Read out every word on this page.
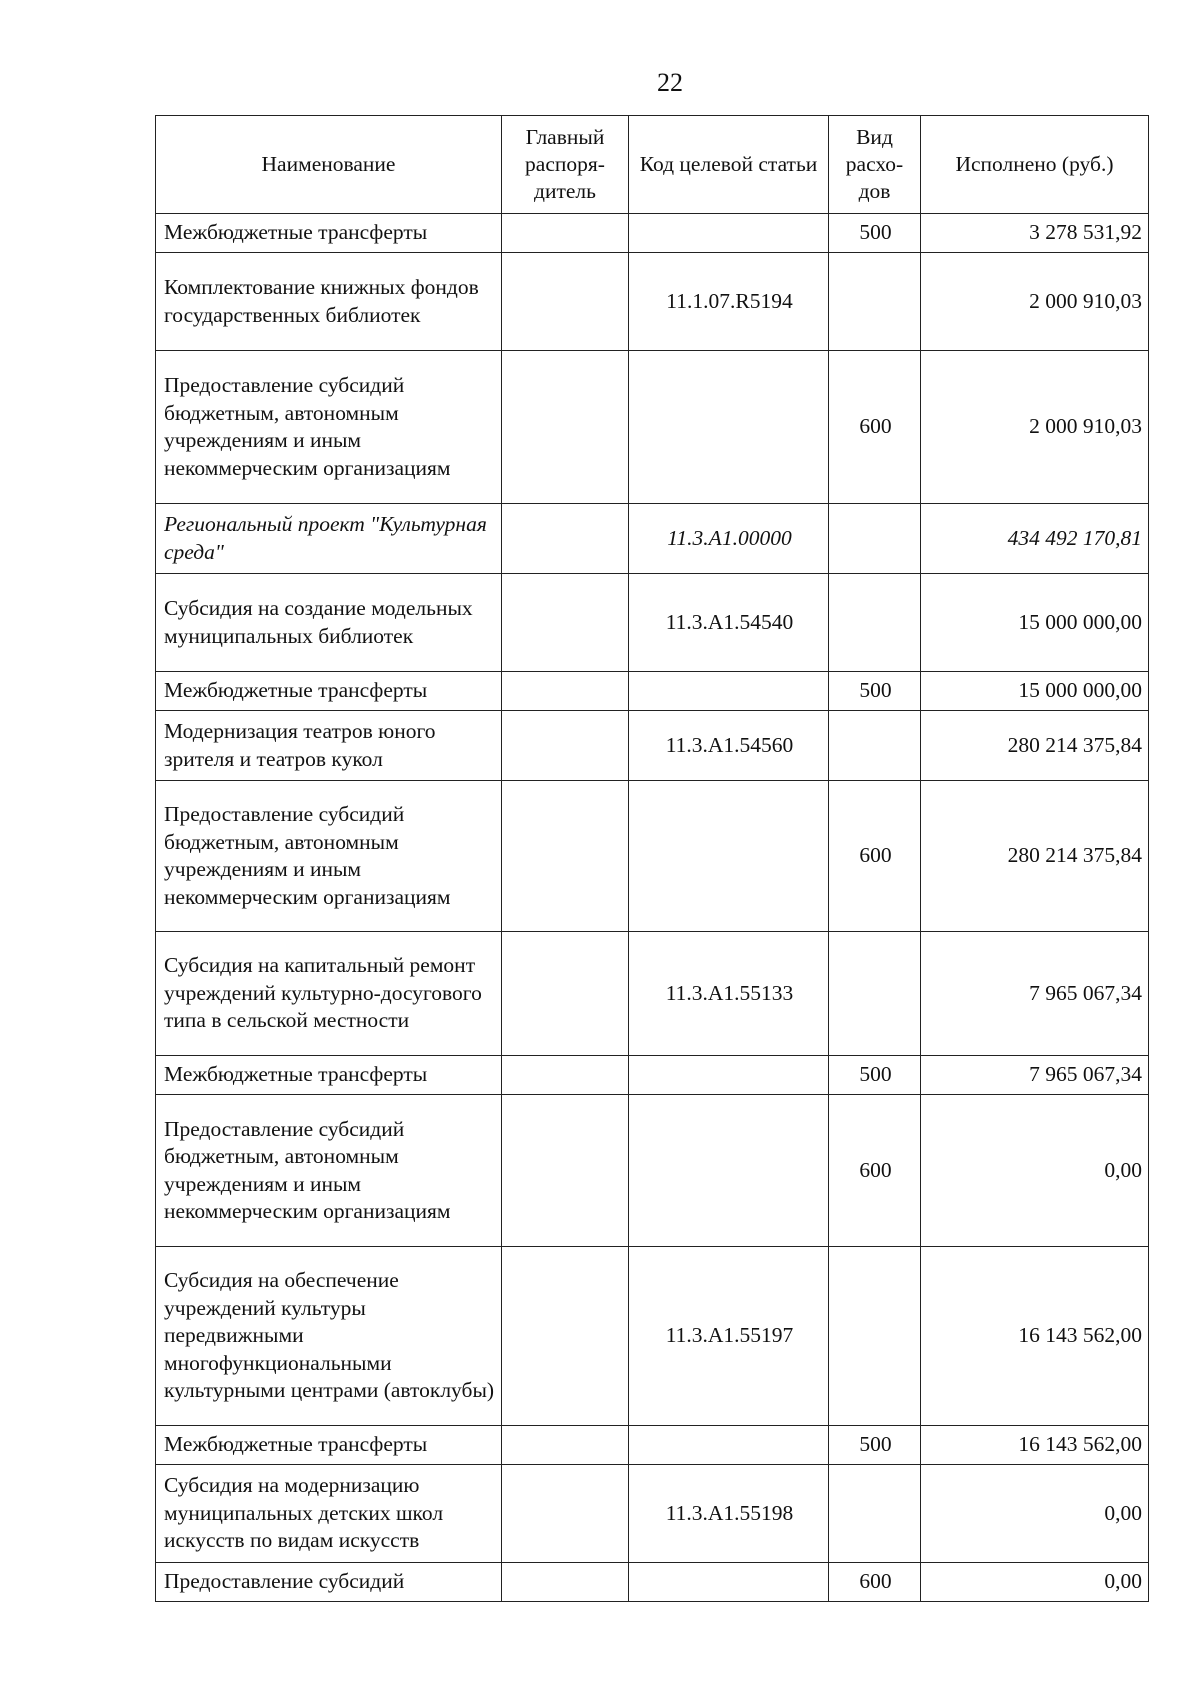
22
Наименование	Главный распоря- дитель	Код целевой статьи	Вид расхо- дов	Исполнено (руб.)
Межбюджетные трансферты			500	3 278 531,92
Комплектование книжных фондов государственных библиотек		11.1.07.R5194		2 000 910,03
Предоставление субсидий бюджетным, автономным учреждениям и иным некоммерческим организациям			600	2 000 910,03
Региональный проект "Культурная среда"		11.3.А1.00000		434 492 170,81
Субсидия на создание модельных муниципальных библиотек		11.3.А1.54540		15 000 000,00
Межбюджетные трансферты			500	15 000 000,00
Модернизация театров юного зрителя и театров кукол		11.3.А1.54560		280 214 375,84
Предоставление субсидий бюджетным, автономным учреждениям и иным некоммерческим организациям			600	280 214 375,84
Субсидия на капитальный ремонт учреждений культурно-досугового типа в сельской местности		11.3.А1.55133		7 965 067,34
Межбюджетные трансферты			500	7 965 067,34
Предоставление субсидий бюджетным, автономным учреждениям и иным некоммерческим организациям			600	0,00
Субсидия на обеспечение учреждений культуры передвижными многофункциональными культурными центрами (автоклубы)		11.3.А1.55197		16 143 562,00
Межбюджетные трансферты			500	16 143 562,00
Субсидия на модернизацию муниципальных детских школ искусств по видам искусств		11.3.А1.55198		0,00
Предоставление субсидий			600	0,00
